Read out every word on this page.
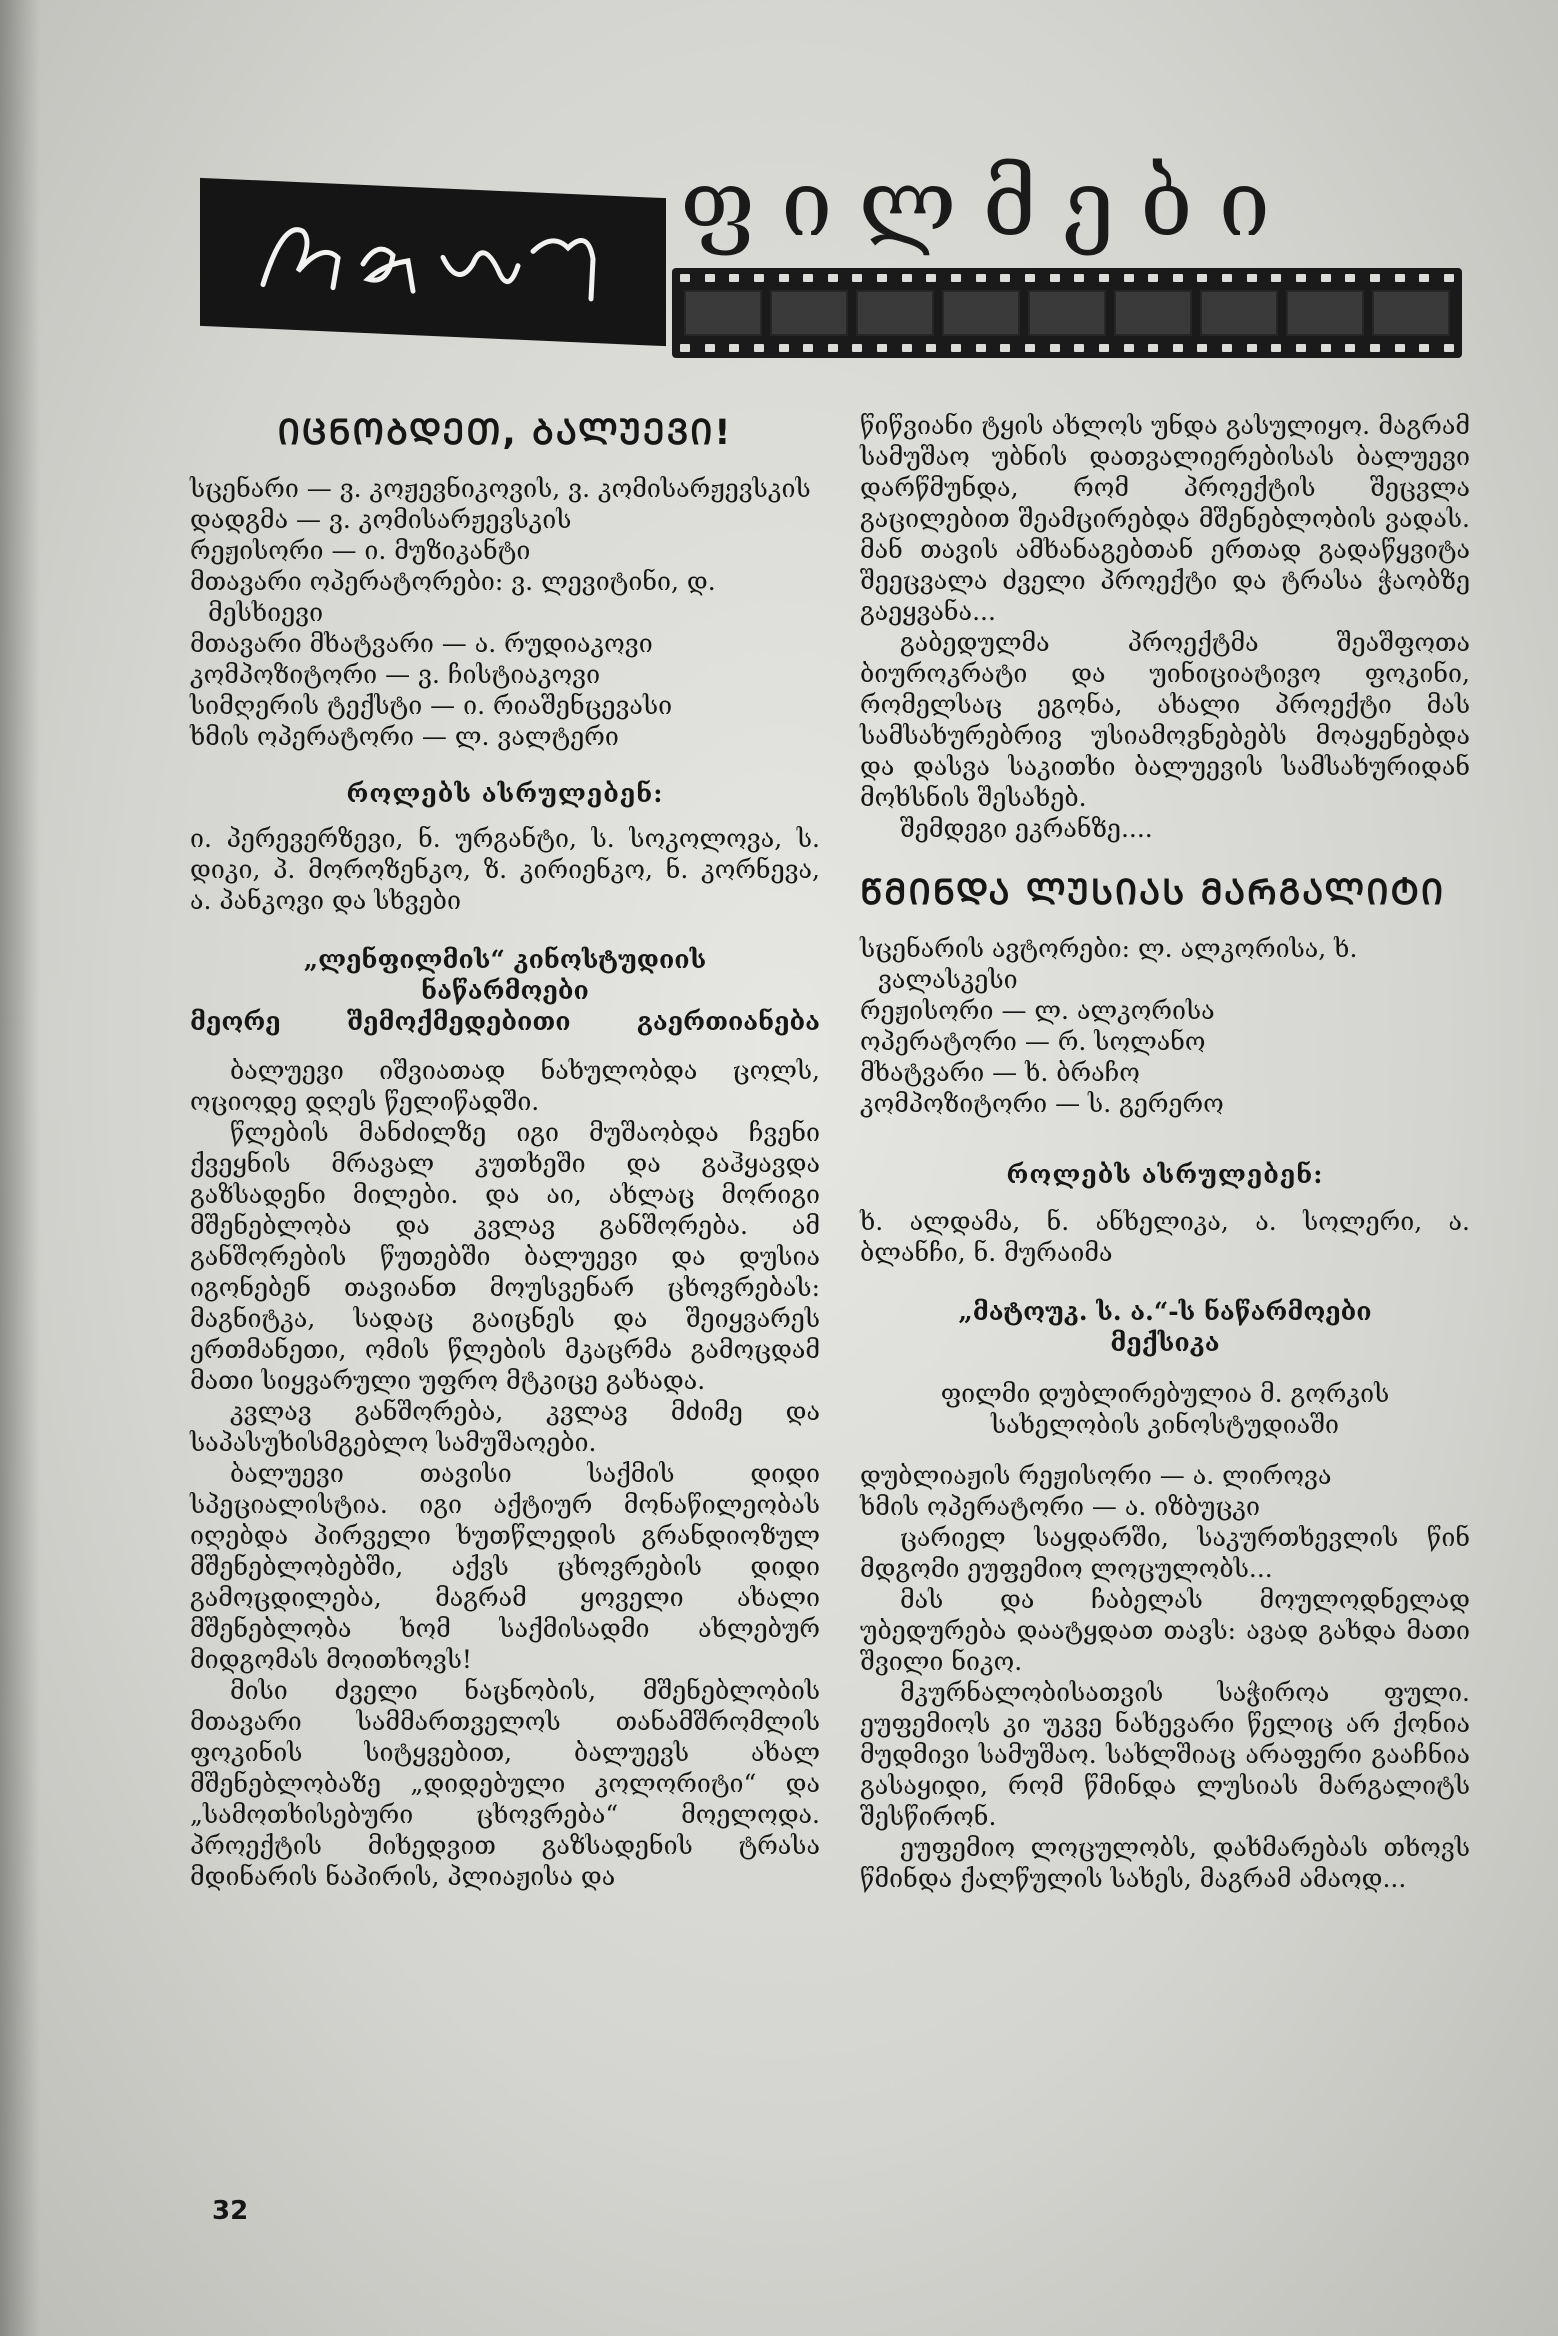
ფილმები
ᲘᲪᲜᲝᲑᲓᲔᲗ, ᲑᲐᲚᲣᲔᲕᲘ!

სცენარი — ვ. კოჟევნიკოვის, ვ. კომისარჟევსკის

დადგმა — ვ. კომისარჟევსკის

რეჟისორი — ი. მუზიკანტი

მთავარი ოპერატორები: ვ. ლევიტინი, დ. მესხიევი

მთავარი მხატვარი — ა. რუდიაკოვი

კომპოზიტორი — ვ. ჩისტიაკოვი

სიმღერის ტექსტი — ი. რიაშენცევასი

ხმის ოპერატორი — ლ. ვალტერი

როლებს ასრულებენ:

ი. პერევერზევი, ნ. ურგანტი, ს. სოკოლოვა, ს. დიკი, პ. მოროზენკო, ზ. კირიენკო, ნ. კორნევა, ა. პანკოვი და სხვები

„ლენფილმის“ კინოსტუდიის
ნაწარმოები
მეორე შემოქმედებითი გაერთიანება

ბალუევი იშვიათად ნახულობდა ცოლს, ოციოდე დღეს წელიწადში.

წლების მანძილზე იგი მუშაობდა ჩვენი ქვეყნის მრავალ კუთხეში და გაჰყავდა გაზსადენი მილები. და აი, ახლაც მორიგი მშენებლობა და კვლავ განშორება. ამ განშორების წუთებში ბალუევი და დუსია იგონებენ თავიანთ მოუსვენარ ცხოვრებას: მაგნიტკა, სადაც გაიცნეს და შეიყვარეს ერთმანეთი, ომის წლების მკაცრმა გამოცდამ მათი სიყვარული უფრო მტკიცე გახადა.

კვლავ განშორება, კვლავ მძიმე და საპასუხისმგებლო სამუშაოები.

ბალუევი თავისი საქმის დიდი სპეციალისტია. იგი აქტიურ მონაწილეობას იღებდა პირველი ხუთწლედის გრანდიოზულ მშენებლობებში, აქვს ცხოვრების დიდი გამოცდილება, მაგრამ ყოველი ახალი მშენებლობა ხომ საქმისადმი ახლებურ მიდგომას მოითხოვს!

მისი ძველი ნაცნობის, მშენებლობის მთავარი სამმართველოს თანამშრომლის ფოკინის სიტყვებით, ბალუევს ახალ მშენებლობაზე „დიდებული კოლორიტი“ და „სამოთხისებური ცხოვრება“ მოელოდა. პროექტის მიხედვით გაზსადენის ტრასა მდინარის ნაპირის, პლიაჟისა და

წიწვიანი ტყის ახლოს უნდა გასულიყო. მაგრამ სამუშაო უბნის დათვალიერებისას ბალუევი დარწმუნდა, რომ პროექტის შეცვლა გაცილებით შეამცირებდა მშენებლობის ვადას. მან თავის ამხანაგებთან ერთად გადაწყვიტა შეეცვალა ძველი პროექტი და ტრასა ჭაობზე გაეყვანა...

გაბედულმა პროექტმა შეაშფოთა ბიუროკრატი და უინიციატივო ფოკინი, რომელსაც ეგონა, ახალი პროექტი მას სამსახურებრივ უსიამოვნებებს მოაყენებდა და დასვა საკითხი ბალუევის სამსახურიდან მოხსნის შესახებ.

შემდეგი ეკრანზე....

ᲬᲛᲘᲜᲓᲐ ᲚᲣᲡᲘᲐᲡ ᲛᲐᲠᲒᲐᲚᲘᲢᲘ

სცენარის ავტორები: ლ. ალკორისა, ხ. ვალასკესი

რეჟისორი — ლ. ალკორისა

ოპერატორი — რ. სოლანო

მხატვარი — ხ. ბრაჩო

კომპოზიტორი — ს. გერერო

როლებს ასრულებენ:

ხ. ალდამა, ნ. ანხელიკა, ა. სოლერი, ა. ბლანჩი, ნ. მურაიმა

„მატოუკ. ს. ა.“-ს ნაწარმოები
მექსიკა

ფილმი დუბლირებულია მ. გორკის

სახელობის კინოსტუდიაში

დუბლიაჟის რეჟისორი — ა. ლიროვა

ხმის ოპერატორი — ა. იზბუცკი

ცარიელ საყდარში, საკურთხევლის წინ მდგომი ეუფემიო ლოცულობს...

მას და ჩაბელას მოულოდნელად უბედურება დაატყდათ თავს: ავად გახდა მათი შვილი ნიკო.

მკურნალობისათვის საჭიროა ფული. ეუფემიოს კი უკვე ნახევარი წელიც არ ქონია მუდმივი სამუშაო. სახლშიაც არაფერი გააჩნია გასაყიდი, რომ წმინდა ლუსიას მარგალიტს შესწირონ.

ეუფემიო ლოცულობს, დახმარებას თხოვს წმინდა ქალწულის სახეს, მაგრამ ამაოდ...

32
